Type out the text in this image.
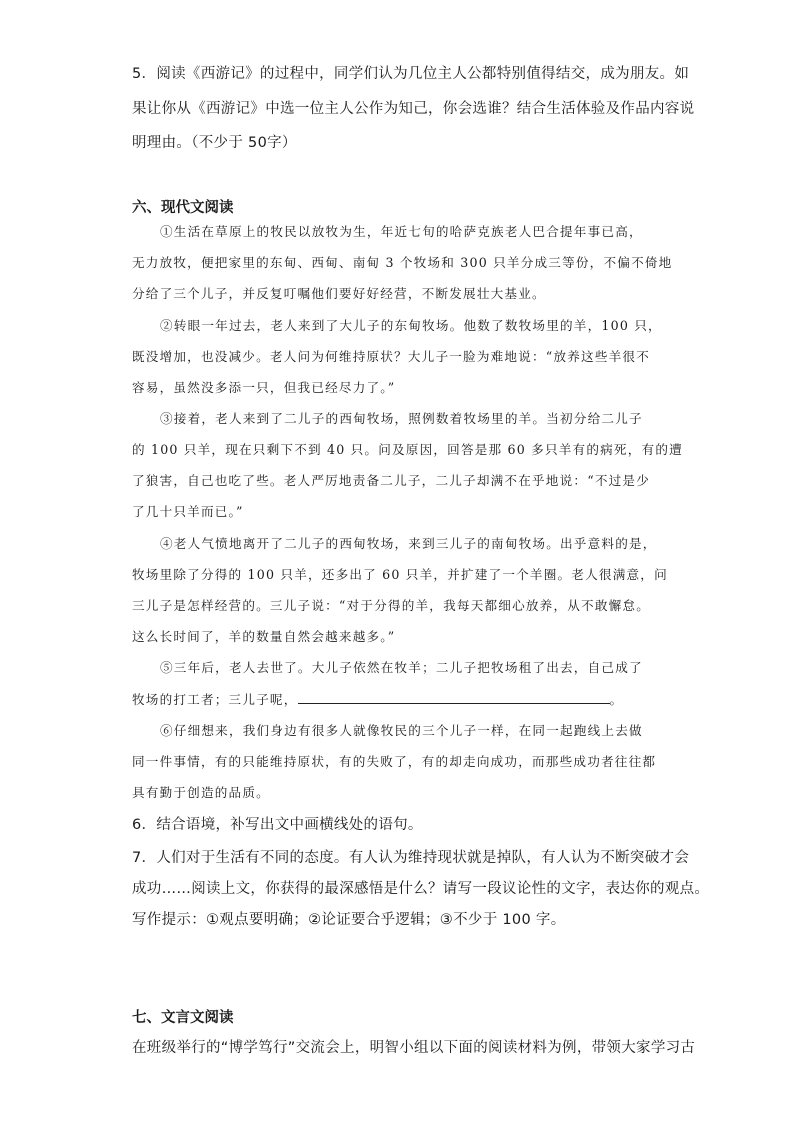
5．阅读《西游记》的过程中，同学们认为几位主人公都特别值得结交，成为朋友。如
果让你从《西游记》中选一位主人公作为知己，你会选谁？结合生活体验及作品内容说
明理由。（不少于 50字）
六、现代文阅读
①生活在草原上的牧民以放牧为生，年近七旬的哈萨克族老人巴合提年事已高，
无力放牧，便把家里的东甸、西甸、南甸 3 个牧场和 300 只羊分成三等份，不偏不倚地
分给了三个儿子，并反复叮嘱他们要好好经营，不断发展壮大基业。
②转眼一年过去，老人来到了大儿子的东甸牧场。他数了数牧场里的羊，100 只，
既没增加，也没减少。老人问为何维持原状？大儿子一脸为难地说：“放养这些羊很不
容易，虽然没多添一只，但我已经尽力了。”
③接着，老人来到了二儿子的西甸牧场，照例数着牧场里的羊。当初分给二儿子
的 100 只羊，现在只剩下不到 40 只。问及原因，回答是那 60 多只羊有的病死，有的遭
了狼害，自己也吃了些。老人严厉地责备二儿子，二儿子却满不在乎地说：“不过是少
了几十只羊而已。”
④老人气愤地离开了二儿子的西甸牧场，来到三儿子的南甸牧场。出乎意料的是，
牧场里除了分得的 100 只羊，还多出了 60 只羊，并扩建了一个羊圈。老人很满意，问
三儿子是怎样经营的。三儿子说：“对于分得的羊，我每天都细心放养，从不敢懈怠。
这么长时间了，羊的数量自然会越来越多。”
⑤三年后，老人去世了。大儿子依然在牧羊；二儿子把牧场租了出去，自己成了
牧场的打工者；三儿子呢，	。
⑥仔细想来，我们身边有很多人就像牧民的三个儿子一样，在同一起跑线上去做
同一件事情，有的只能维持原状，有的失败了，有的却走向成功，而那些成功者往往都
具有勤于创造的品质。
6．结合语境，补写出文中画横线处的语句。
7．人们对于生活有不同的态度。有人认为维持现状就是掉队，有人认为不断突破才会
成功……阅读上文，你获得的最深感悟是什么？请写一段议论性的文字，表达你的观点。
写作提示：①观点要明确；②论证要合乎逻辑；③不少于 100 字。
七、文言文阅读
在班级举行的“博学笃行”交流会上，明智小组以下面的阅读材料为例，带领大家学习古
